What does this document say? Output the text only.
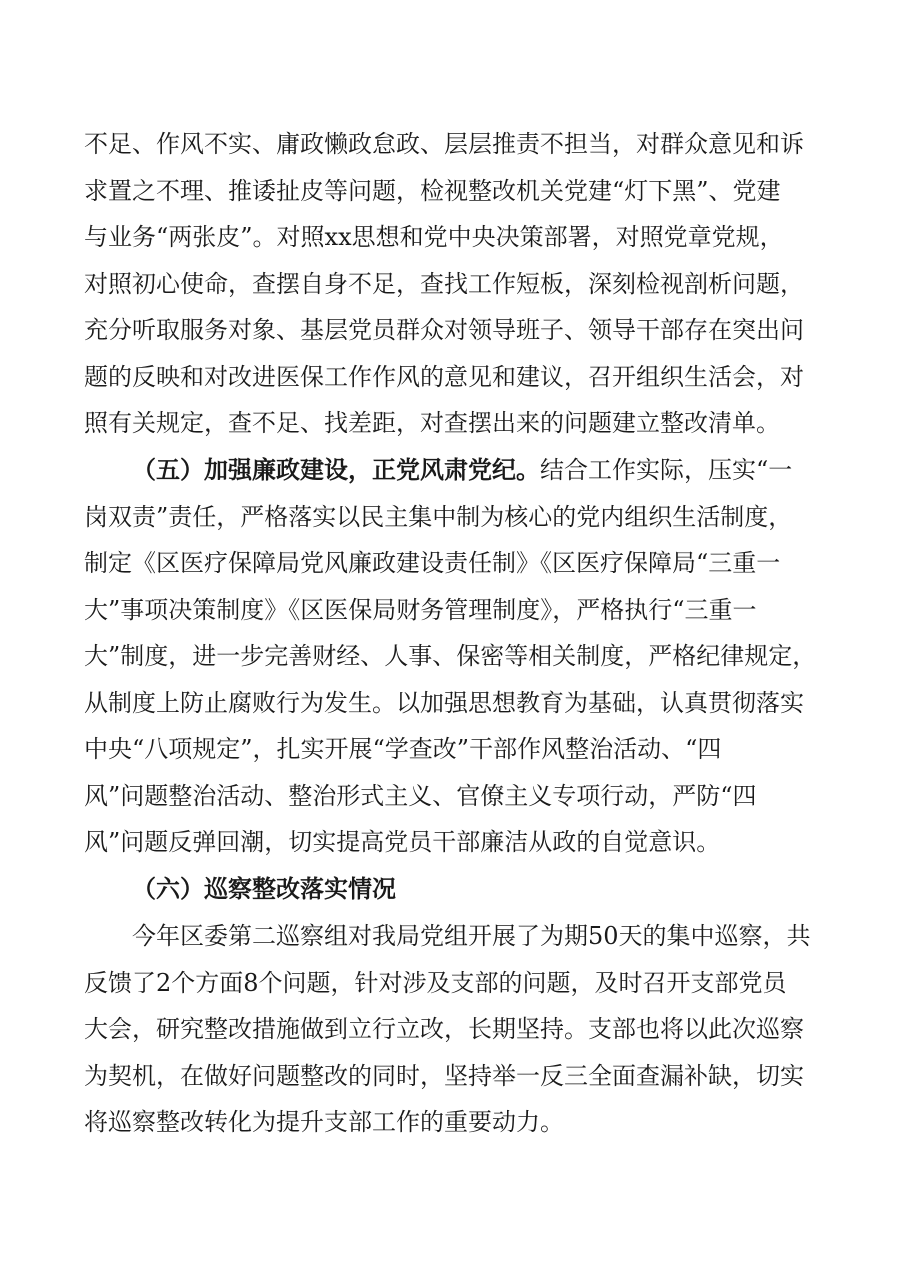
不足、作风不实、庸政懒政怠政、层层推责不担当，对群众意见和诉
求置之不理、推诿扯皮等问题，检视整改机关党建“灯下黑”、党建
与业务“两张皮”。对照xx思想和党中央决策部署，对照党章党规，
对照初心使命，查摆自身不足，查找工作短板，深刻检视剖析问题，
充分听取服务对象、基层党员群众对领导班子、领导干部存在突出问
题的反映和对改进医保工作作风的意见和建议，召开组织生活会，对
照有关规定，查不足、找差距，对查摆出来的问题建立整改清单。
（五）加强廉政建设，正党风肃党纪。结合工作实际，压实“一
岗双责”责任，严格落实以民主集中制为核心的党内组织生活制度，
制定《区医疗保障局党风廉政建设责任制》《区医疗保障局“三重一
大”事项决策制度》《区医保局财务管理制度》，严格执行“三重一
大”制度，进一步完善财经、人事、保密等相关制度，严格纪律规定，
从制度上防止腐败行为发生。以加强思想教育为基础，认真贯彻落实
中央“八项规定”，扎实开展“学查改”干部作风整治活动、“四
风”问题整治活动、整治形式主义、官僚主义专项行动，严防“四
风”问题反弹回潮，切实提高党员干部廉洁从政的自觉意识。
（六）巡察整改落实情况
今年区委第二巡察组对我局党组开展了为期50天的集中巡察，共
反馈了2个方面8个问题，针对涉及支部的问题，及时召开支部党员
大会，研究整改措施做到立行立改，长期坚持。支部也将以此次巡察
为契机，在做好问题整改的同时，坚持举一反三全面查漏补缺，切实
将巡察整改转化为提升支部工作的重要动力。
